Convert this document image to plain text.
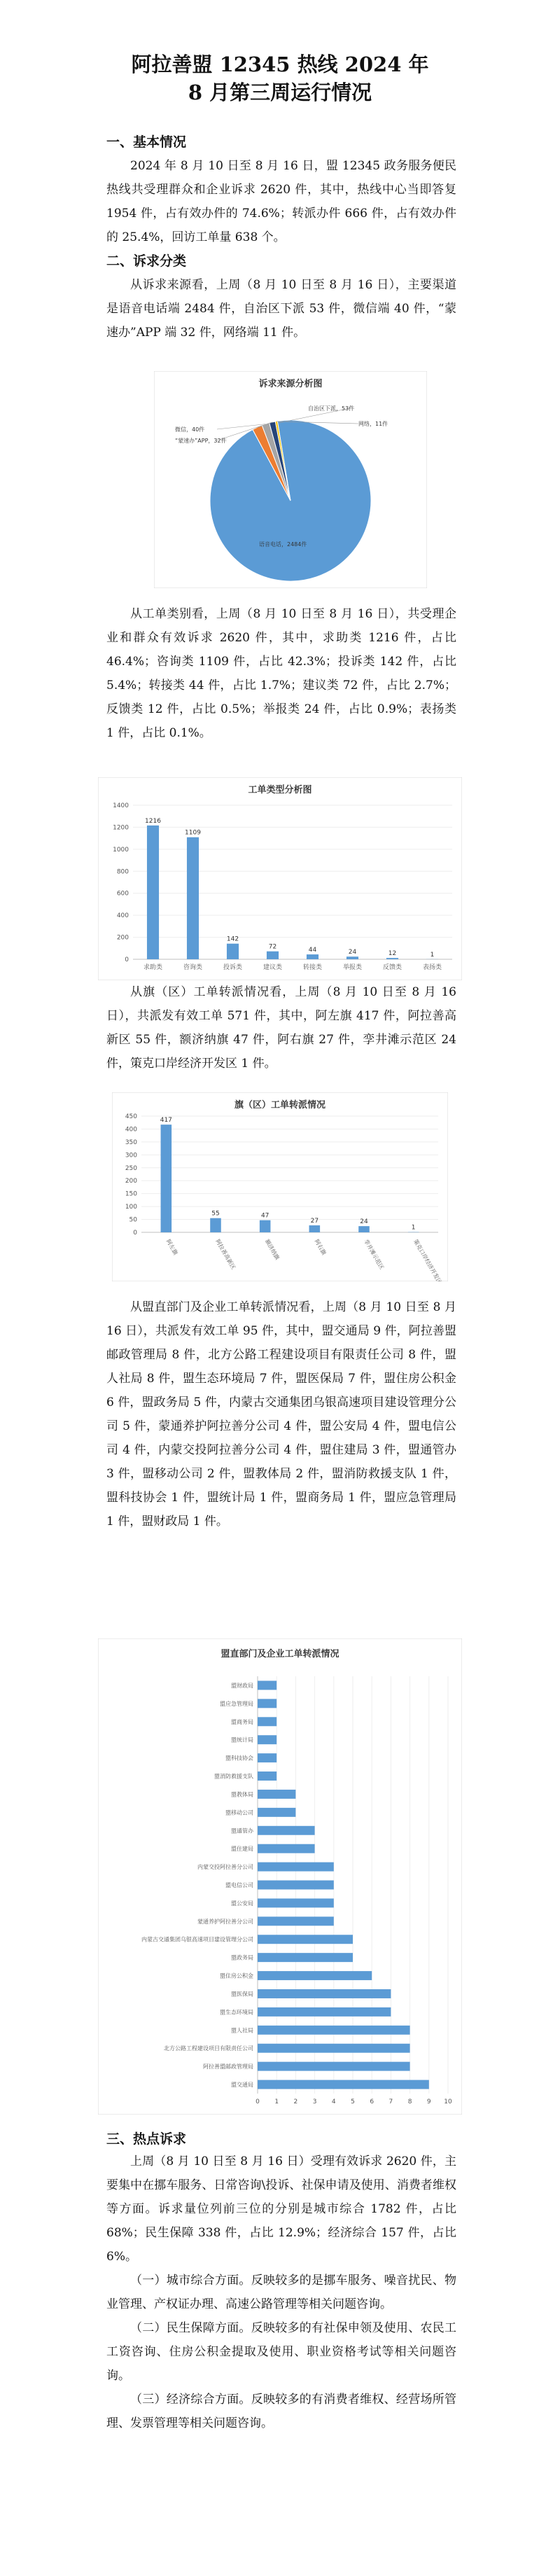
阿拉善盟 12345 热线 2024 年
8 月第三周运行情况
一、基本情况
2024 年 8 月 10 日至 8 月 16 日，盟 12345 政务服务便民热线共受理群众和企业诉求 2620 件，其中，热线中心当即答复 1954 件，占有效办件的 74.6%；转派办件 666 件，占有效办件的 25.4%，回访工单量 638 个。
二、诉求分类
从诉求来源看，上周（8 月 10 日至 8 月 16 日），主要渠道是语音电话端 2484 件，自治区下派 53 件，微信端 40 件，“蒙速办”APP 端 32 件，网络端 11 件。
诉求来源分析图
语音电话，2484件
自治区下派，53件
微信，40件
“蒙速办”APP，32件
网络，11件
从工单类别看，上周（8 月 10 日至 8 月 16 日），共受理企业和群众有效诉求 2620 件，其中，求助类 1216 件，占比 46.4%；咨询类 1109 件，占比 42.3%；投诉类 142 件，占比 5.4%；转接类 44 件，占比 1.7%；建议类 72 件，占比 2.7%；反馈类 12 件，占比 0.5%；举报类 24 件，占比 0.9%；表扬类 1 件，占比 0.1%。
工单类型分析图
0
200
400
600
800
1000
1200
1400
1216
求助类
1109
咨询类
142
投诉类
72
建议类
44
转接类
24
举报类
12
反馈类
1
表扬类
从旗（区）工单转派情况看，上周（8 月 10 日至 8 月 16 日），共派发有效工单 571 件，其中，阿左旗 417 件，阿拉善高新区 55 件，额济纳旗 47 件，阿右旗 27 件，孪井滩示范区 24 件，策克口岸经济开发区 1 件。
旗（区）工单转派情况
0
50
100
150
200
250
300
350
400
450
417
阿左旗
55
阿拉善高新区
47
额济纳旗
27
阿右旗
24
孪井滩示范区
1
策克口岸经济开发区
从盟直部门及企业工单转派情况看，上周（8 月 10 日至 8 月 16 日），共派发有效工单 95 件，其中，盟交通局 9 件，阿拉善盟邮政管理局 8 件，北方公路工程建设项目有限责任公司 8 件，盟人社局 8 件，盟生态环境局 7 件，盟医保局 7 件，盟住房公积金 6 件，盟政务局 5 件，内蒙古交通集团乌银高速项目建设管理分公司 5 件，蒙通养护阿拉善分公司 4 件，盟公安局 4 件，盟电信公司 4 件，内蒙交投阿拉善分公司 4 件，盟住建局 3 件，盟通管办 3 件，盟移动公司 2 件，盟教体局 2 件，盟消防救援支队 1 件，盟科技协会 1 件，盟统计局 1 件，盟商务局 1 件，盟应急管理局 1 件，盟财政局 1 件。
盟直部门及企业工单转派情况
0 1 2 3 4 5 6 7 8 9 10
盟财政局
盟应急管理局
盟商务局
盟统计局
盟科技协会
盟消防救援支队
盟教体局
盟移动公司
盟通管办
盟住建局
内蒙交投阿拉善分公司
盟电信公司
盟公安局
蒙通养护阿拉善分公司
内蒙古交通集团乌银高速项目建设管理分公司
盟政务局
盟住房公积金
盟医保局
盟生态环境局
盟人社局
北方公路工程建设项目有限责任公司
阿拉善盟邮政管理局
盟交通局
三、热点诉求
上周（8 月 10 日至 8 月 16 日）受理有效诉求 2620 件，主要集中在挪车服务、日常咨询\投诉、社保申请及使用、消费者维权等方面。诉求量位列前三位的分别是城市综合 1782 件，占比 68%；民生保障 338 件，占比 12.9%；经济综合 157 件，占比 6%。
（一）城市综合方面。反映较多的是挪车服务、噪音扰民、物业管理、产权证办理、高速公路管理等相关问题咨询。
（二）民生保障方面。反映较多的有社保申领及使用、农民工工资咨询、住房公积金提取及使用、职业资格考试等相关问题咨询。
（三）经济综合方面。反映较多的有消费者维权、经营场所管理、发票管理等相关问题咨询。
